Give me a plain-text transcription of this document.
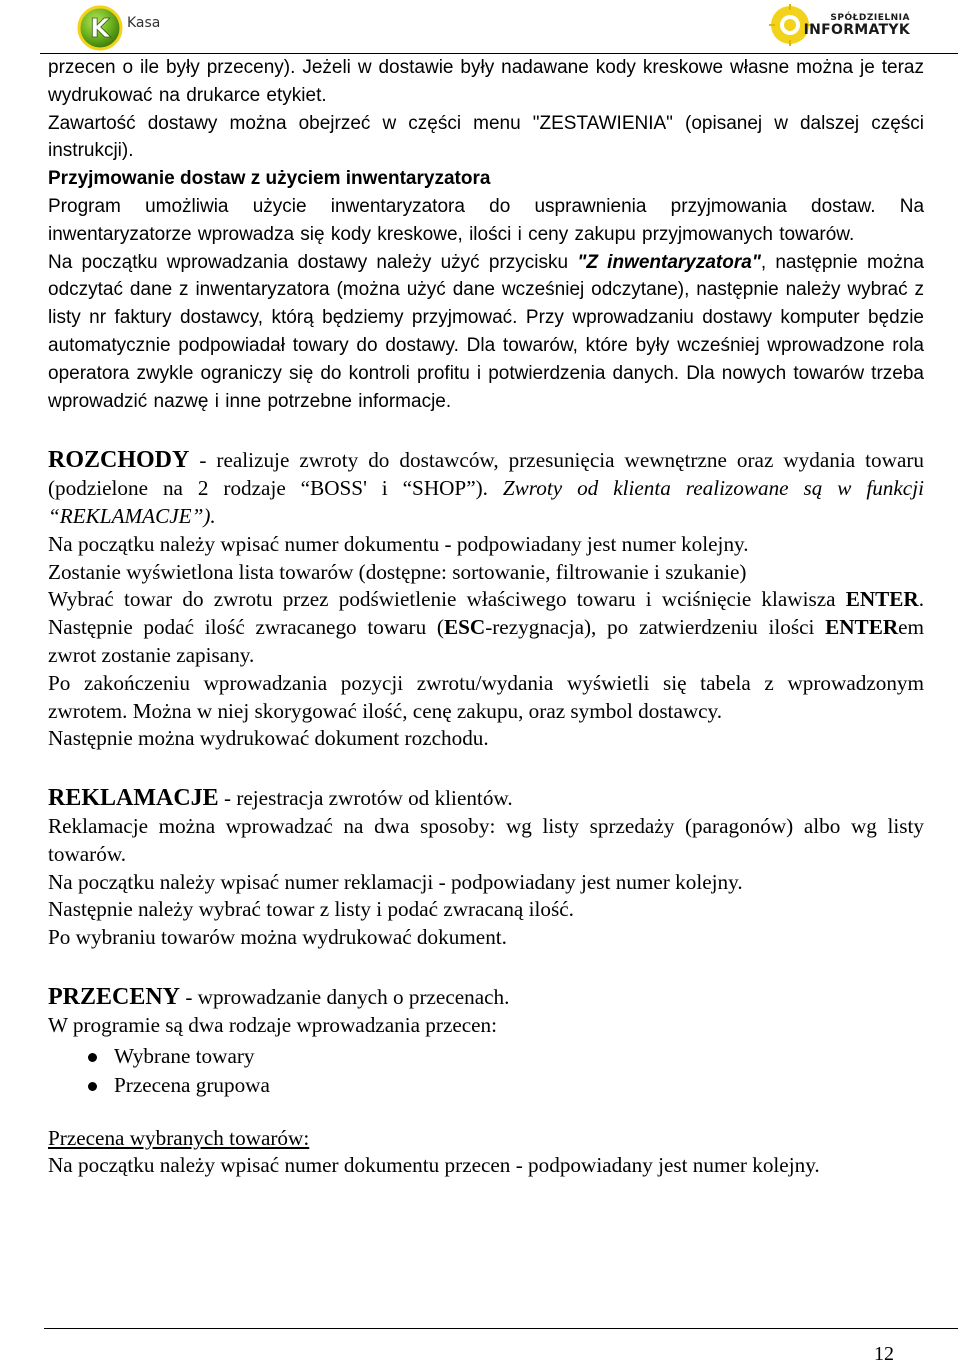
K Kasa	SPÓŁDZIELNIA
INFORMATYK

przecen o ile były przeceny). Jeżeli w dostawie były nadawane kody kreskowe własne można je teraz wydrukować na drukarce etykiet.

Zawartość dostawy można obejrzeć w części menu "ZESTAWIENIA" (opisanej w dalszej części instrukcji).

Przyjmowanie dostaw z użyciem inwentaryzatora

Program umożliwia użycie inwentaryzatora do usprawnienia przyjmowania dostaw. Na inwentaryzatorze wprowadza się kody kreskowe, ilości i ceny zakupu przyjmowanych towarów.

Na początku wprowadzania dostawy należy użyć przycisku "Z inwentaryzatora", następnie można odczytać dane z inwentaryzatora (można użyć dane wcześniej odczytane), następnie należy wybrać z listy nr faktury dostawcy, którą będziemy przyjmować. Przy wprowadzaniu dostawy komputer będzie automatycznie podpowiadał towary do dostawy. Dla towarów, które były wcześniej wprowadzone rola operatora zwykle ograniczy się do kontroli profitu i potwierdzenia danych. Dla nowych towarów trzeba wprowadzić nazwę i inne potrzebne informacje.

ROZCHODY - realizuje zwroty do dostawców, przesunięcia wewnętrzne oraz wydania towaru (podzielone na 2 rodzaje “BOSS' i “SHOP”). Zwroty od klienta realizowane są w funkcji “REKLAMACJE”).

Na początku należy wpisać numer dokumentu - podpowiadany jest numer kolejny.

Zostanie wyświetlona lista towarów (dostępne: sortowanie, filtrowanie i szukanie)

Wybrać towar do zwrotu przez podświetlenie właściwego towaru i wciśnięcie klawisza ENTER. Następnie podać ilość zwracanego towaru (ESC-rezygnacja), po zatwierdzeniu ilości ENTERem zwrot zostanie zapisany.

Po zakończeniu wprowadzania pozycji zwrotu/wydania wyświetli się tabela z wprowadzonym zwrotem. Można w niej skorygować ilość, cenę zakupu, oraz symbol dostawcy.

Następnie można wydrukować dokument rozchodu.

REKLAMACJE - rejestracja zwrotów od klientów.

Reklamacje można wprowadzać na dwa sposoby: wg listy sprzedaży (paragonów) albo wg listy towarów.

Na początku należy wpisać numer reklamacji - podpowiadany jest numer kolejny.

Następnie należy wybrać towar z listy i podać zwracaną ilość.

Po wybraniu towarów można wydrukować dokument.

PRZECENY - wprowadzanie danych o przecenach.

W programie są dwa rodzaje wprowadzania przecen:

Wybrane towary
Przecena grupowa

Przecena wybranych towarów:

Na początku należy wpisać numer dokumentu przecen - podpowiadany jest numer kolejny.

12
